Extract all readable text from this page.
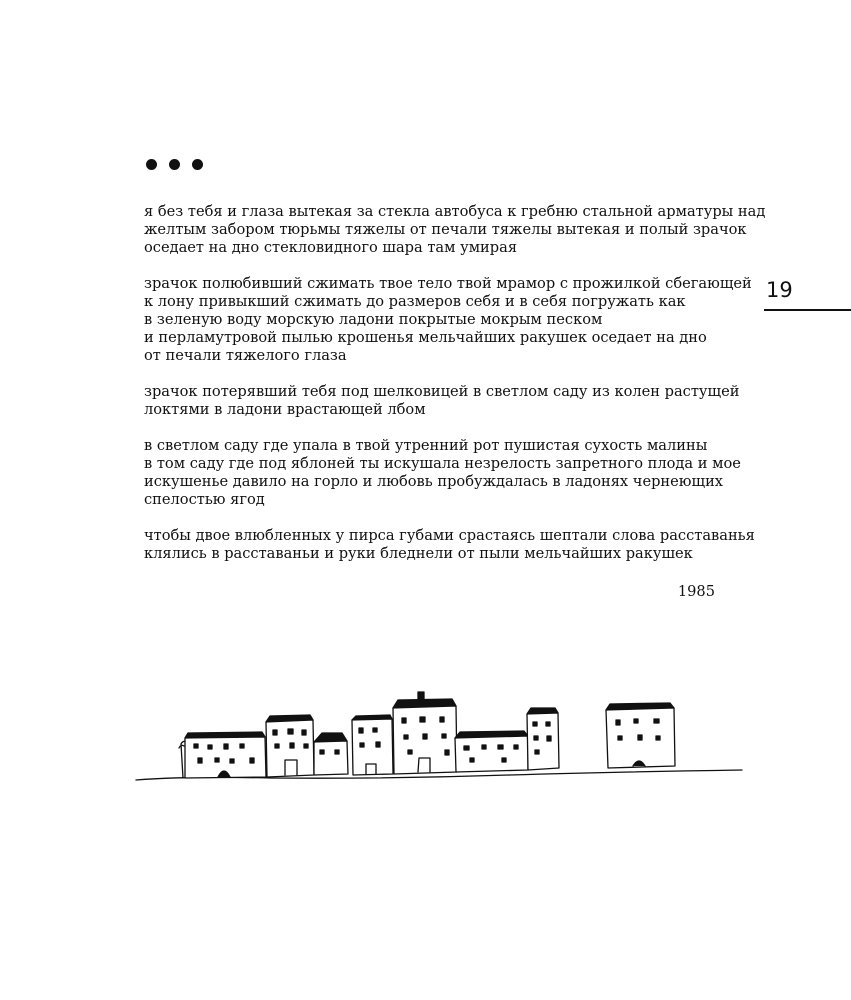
19
я без тебя и глаза вытекая за стекла автобуса к гребню стальной арматуры над
желтым забором тюрьмы тяжелы от печали тяжелы вытекая и полый зрачок
оседает на дно стекловидного шара там умирая
зрачок полюбивший сжимать твое тело твой мрамор с прожилкой сбегающей
к лону привыкший сжимать до размеров себя и в себя погружать как
в зеленую воду морскую ладони покрытые мокрым песком
и перламутровой пылью крошенья мельчайших ракушек оседает на дно
от печали тяжелого глаза
зрачок потерявший тебя под шелковицей в светлом саду из колен растущей
локтями в ладони врастающей лбом
в светлом саду где упала в твой утренний рот пушистая сухость малины
в том саду где под яблоней ты искушала незрелость запретного плода и мое
искушенье давило на горло и любовь пробуждалась в ладонях чернеющих
спелостью ягод
чтобы двое влюбленных у пирса губами срастаясь шептали слова расставанья
клялись в расставаньи и руки бледнели от пыли мельчайших ракушек
1985
